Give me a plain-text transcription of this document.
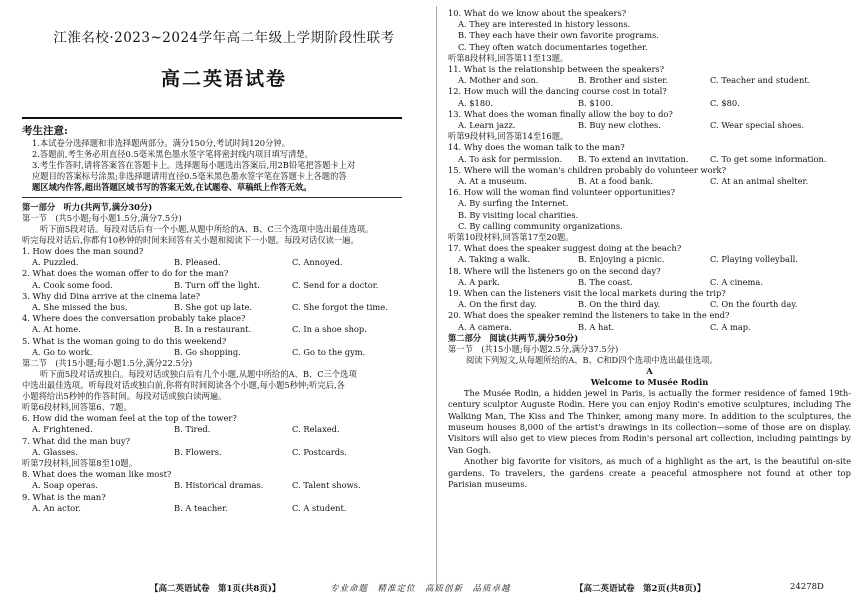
江淮名校·2023~2024学年高二年级上学期阶段性联考
高二英语试卷
考生注意:
1.本试卷分选择题和非选择题两部分。满分150分,考试时间120分钟。
2.答题前,考生务必用直径0.5毫米黑色墨水签字笔将密封线内项目填写清楚。
3.考生作答时,请将答案答在答题卡上。选择题每小题选出答案后,用2B铅笔把答题卡上对
应题目的答案标号涂黑;非选择题请用直径0.5毫米黑色墨水签字笔在答题卡上各题的答
题区域内作答,超出答题区域书写的答案无效,在试题卷、草稿纸上作答无效。
第一部分　听力(共两节,满分30分)
第一节　(共5小题;每小题1.5分,满分7.5分)
听下面5段对话。每段对话后有一个小题,从题中所给的A、B、C三个选项中选出最佳选项。
听完每段对话后,你都有10秒钟的时间来回答有关小题和阅读下一小题。每段对话仅读一遍。
1. How does the man sound?
A. Puzzled.	B. Pleased.	C. Annoyed.
2. What does the woman offer to do for the man?
A. Cook some food.	B. Turn off the light.	C. Send for a doctor.
3. Why did Dina arrive at the cinema late?
A. She missed the bus.	B. She got up late.	C. She forgot the time.
4. Where does the conversation probably take place?
A. At home.	B. In a restaurant.	C. In a shoe shop.
5. What is the woman going to do this weekend?
A. Go to work.	B. Go shopping.	C. Go to the gym.
第二节　(共15小题;每小题1.5分,满分22.5分)
听下面5段对话或独白。每段对话或独白后有几个小题,从题中所给的A、B、C三个选项
中选出最佳选项。听每段对话或独白前,你将有时间阅读各个小题,每小题5秒钟;听完后,各
小题将给出5秒钟的作答时间。每段对话或独白读两遍。
听第6段材料,回答第6、7题。
6. How did the woman feel at the top of the tower?
A. Frightened.	B. Tired.	C. Relaxed.
7. What did the man buy?
A. Glasses.	B. Flowers.	C. Postcards.
听第7段材料,回答第8至10题。
8. What does the woman like most?
A. Soap operas.	B. Historical dramas.	C. Talent shows.
9. What is the man?
A. An actor.	B. A teacher.	C. A student.
10. What do we know about the speakers?
A. They are interested in history lessons.
B. They each have their own favorite programs.
C. They often watch documentaries together.
听第8段材料,回答第11至13题。
11. What is the relationship between the speakers?
A. Mother and son.	B. Brother and sister.	C. Teacher and student.
12. How much will the dancing course cost in total?
A. $180.	B. $100.	C. $80.
13. What does the woman finally allow the boy to do?
A. Learn jazz.	B. Buy new clothes.	C. Wear special shoes.
听第9段材料,回答第14至16题。
14. Why does the woman talk to the man?
A. To ask for permission. B. To extend an invitation.	C. To get some information.
15. Where will the woman's children probably do volunteer work?
A. At a museum.	B. At a food bank.	C. At an animal shelter.
16. How will the woman find volunteer opportunities?
A. By surfing the Internet.
B. By visiting local charities.
C. By calling community organizations.
听第10段材料,回答第17至20题。
17. What does the speaker suggest doing at the beach?
A. Taking a walk.	B. Enjoying a picnic.	C. Playing volleyball.
18. Where will the listeners go on the second day?
A. A park.	B. The coast.	C. A cinema.
19. When can the listeners visit the local markets during the trip?
A. On the first day.	B. On the third day.	C. On the fourth day.
20. What does the speaker remind the listeners to take in the end?
A. A camera.	B. A hat.	C. A map.
第二部分　阅读(共两节,满分50分)
第一节　(共15小题;每小题2.5分,满分37.5分)
阅读下列短文,从每题所给的A、B、C和D四个选项中选出最佳选项。
A
Welcome to Musée Rodin
The Musée Rodin, a hidden jewel in Paris, is actually the former residence of famed 19th-century sculptor Auguste Rodin. Here you can enjoy Rodin's emotive sculptures, including The Walking Man, The Kiss and The Thinker, among many more. In addition to the sculptures, the museum houses 8,000 of the artist's drawings in its collection—some of those are on display. Visitors will also get to view pieces from Rodin's personal art collection, including paintings by Van Gogh.
Another big favorite for visitors, as much of a highlight as the art, is the beautiful on-site gardens. To travelers, the gardens create a peaceful atmosphere not found at other top Parisian museums.
【高二英语试卷　第1页(共8页)】	专业命题　精准定位　高质创新　品质卓越	【高二英语试卷　第2页(共8页)】	24278D
